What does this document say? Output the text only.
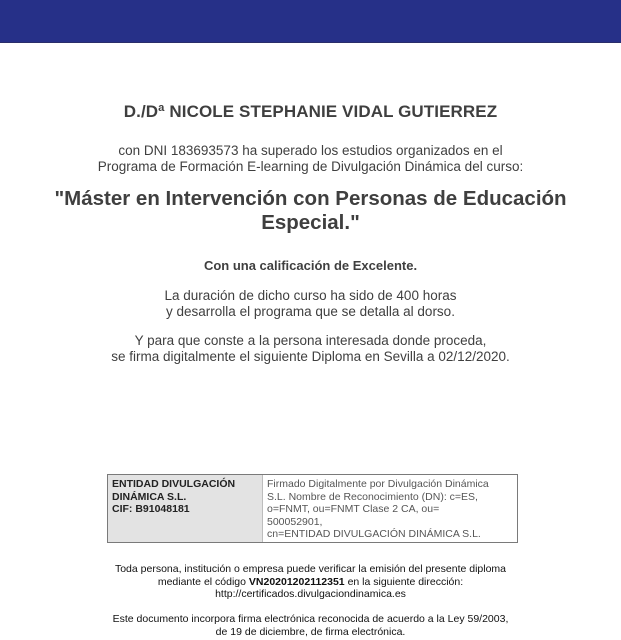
D./Dª NICOLE STEPHANIE VIDAL GUTIERREZ
con DNI 183693573 ha superado los estudios organizados en el
Programa de Formación E-learning de Divulgación Dinámica del curso:
"Máster en Intervención con Personas de Educación Especial."
Con una calificación de Excelente.
La duración de dicho curso ha sido de 400 horas
y desarrolla el programa que se detalla al dorso.
Y para que conste a la persona interesada donde proceda,
se firma digitalmente el siguiente Diploma en Sevilla a 02/12/2020.
ENTIDAD DIVULGACIÓN
DINÁMICA S.L.
CIF: B91048181
Firmado Digitalmente por Divulgación Dinámica
S.L. Nombre de Reconocimiento (DN): c=ES,
o=FNMT, ou=FNMT Clase 2 CA, ou=
500052901,
cn=ENTIDAD DIVULGACIÓN DINÁMICA S.L.
Toda persona, institución o empresa puede verificar la emisión del presente diploma
mediante el código VN20201202112351 en la siguiente dirección:
http://certificados.divulgaciondinamica.es
Este documento incorpora firma electrónica reconocida de acuerdo a la Ley 59/2003,
de 19 de diciembre, de firma electrónica.
